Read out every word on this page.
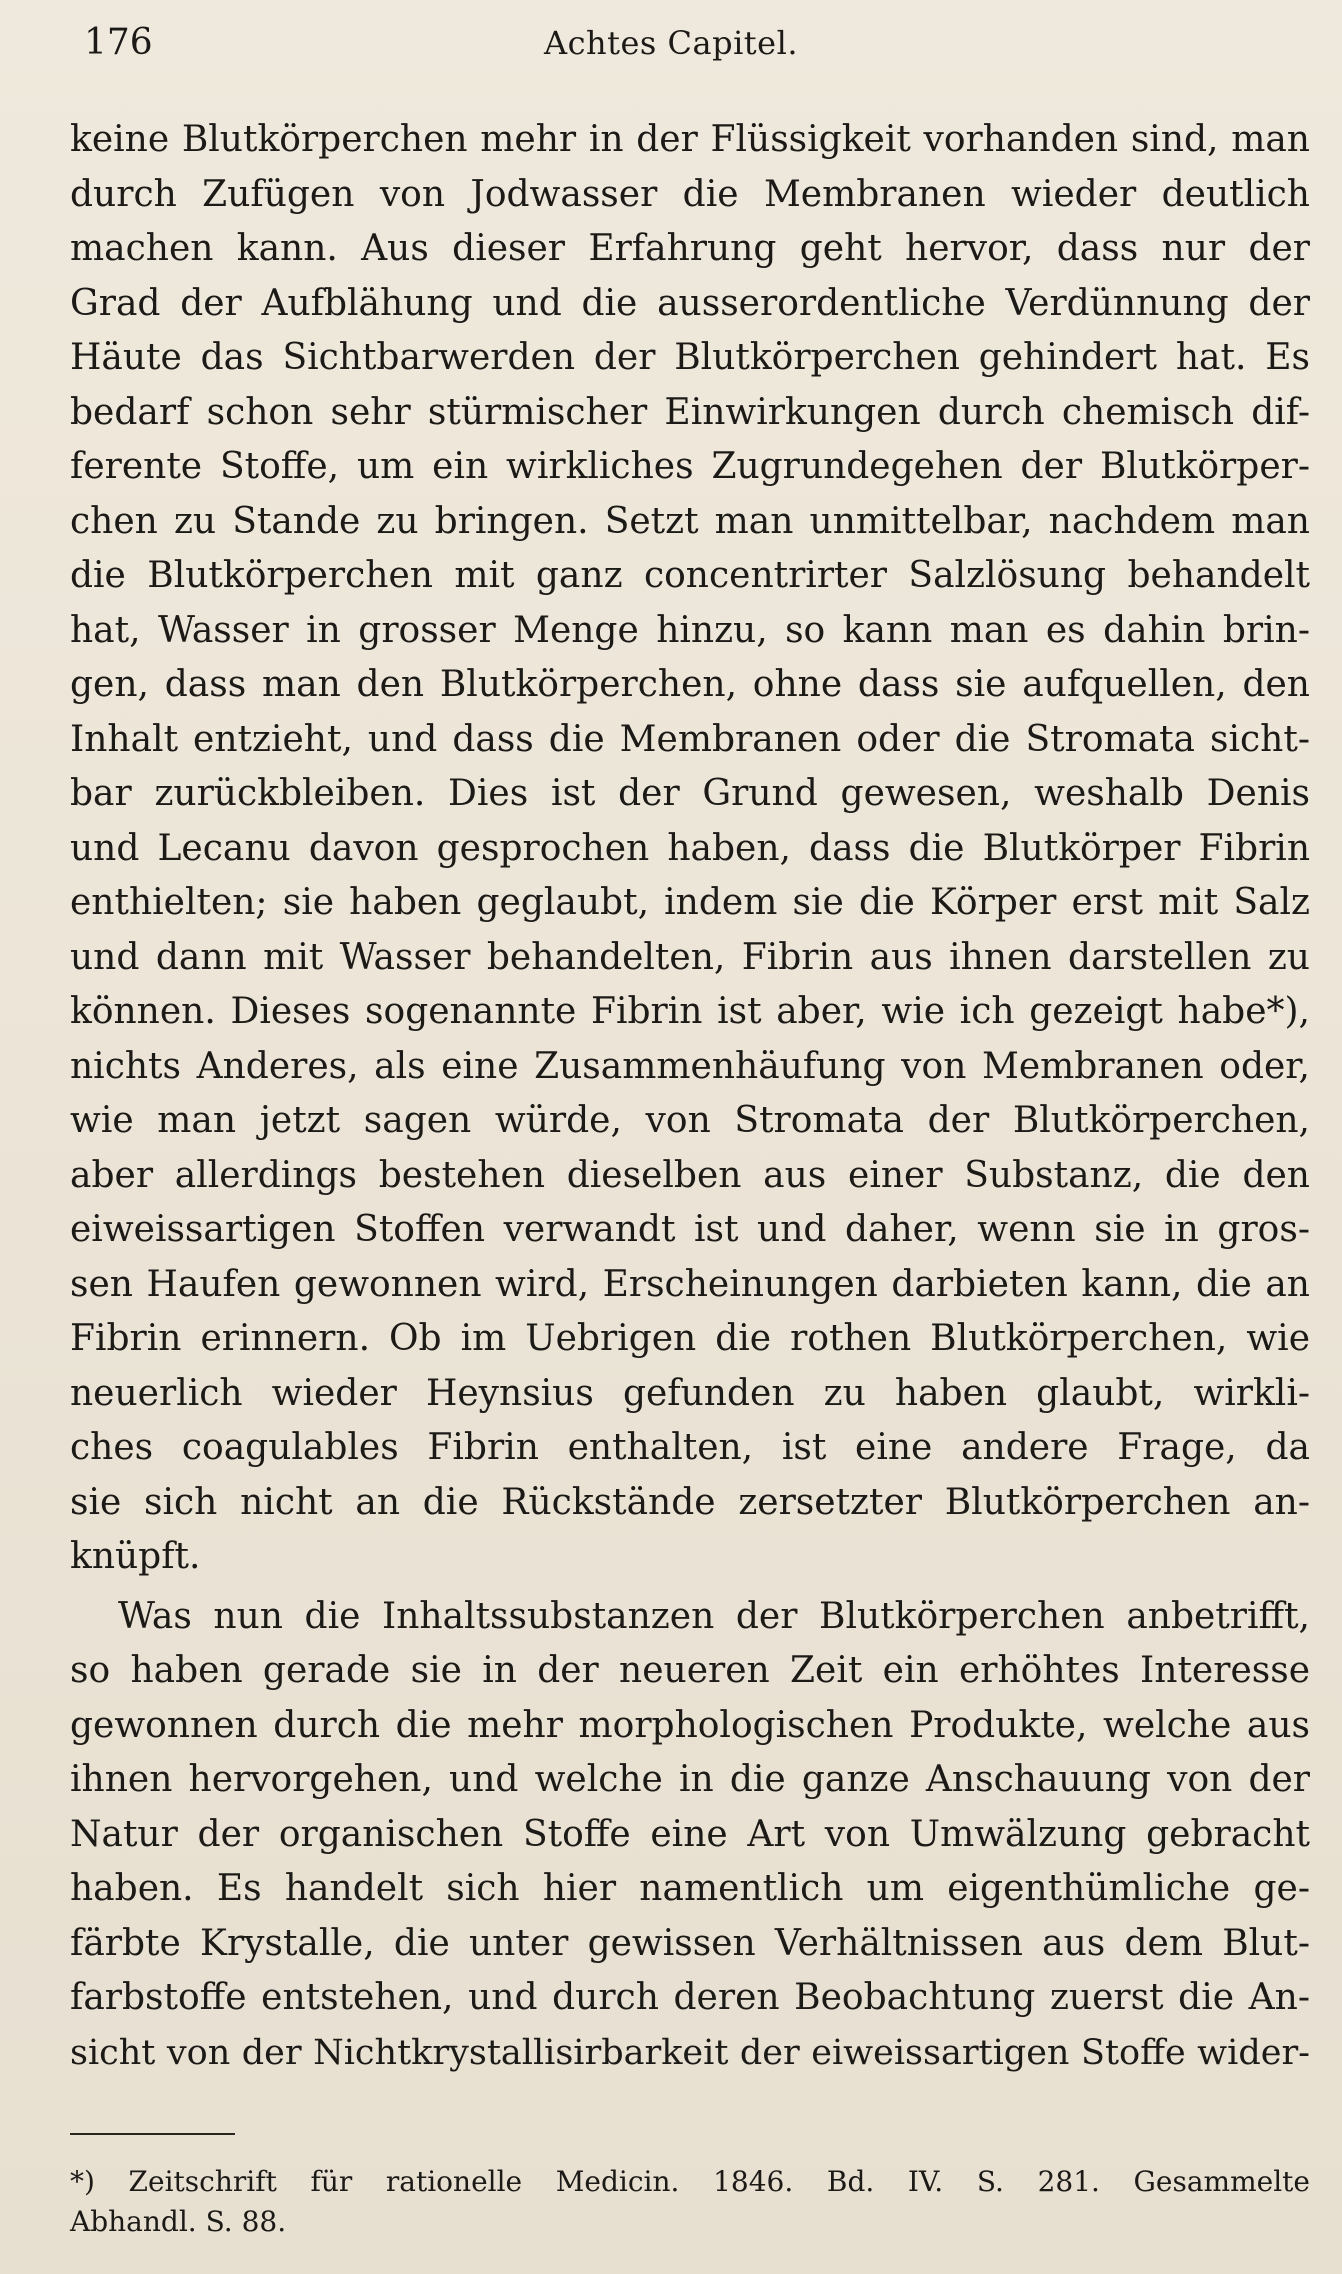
176	Achtes Capitel.

keine Blutkörperchen mehr in der Flüssigkeit vorhanden sind, man
durch Zufügen von Jodwasser die Membranen wieder deutlich
machen kann. Aus dieser Erfahrung geht hervor, dass nur der
Grad der Aufblähung und die ausserordentliche Verdünnung der
Häute das Sichtbarwerden der Blutkörperchen gehindert hat. Es
bedarf schon sehr stürmischer Einwirkungen durch chemisch dif-
ferente Stoffe, um ein wirkliches Zugrundegehen der Blutkörper-
chen zu Stande zu bringen. Setzt man unmittelbar, nachdem man
die Blutkörperchen mit ganz concentrirter Salzlösung behandelt
hat, Wasser in grosser Menge hinzu, so kann man es dahin brin-
gen, dass man den Blutkörperchen, ohne dass sie aufquellen, den
Inhalt entzieht, und dass die Membranen oder die Stromata sicht-
bar zurückbleiben. Dies ist der Grund gewesen, weshalb Denis
und Lecanu davon gesprochen haben, dass die Blutkörper Fibrin
enthielten; sie haben geglaubt, indem sie die Körper erst mit Salz
und dann mit Wasser behandelten, Fibrin aus ihnen darstellen zu
können. Dieses sogenannte Fibrin ist aber, wie ich gezeigt habe*),
nichts Anderes, als eine Zusammenhäufung von Membranen oder,
wie man jetzt sagen würde, von Stromata der Blutkörperchen,
aber allerdings bestehen dieselben aus einer Substanz, die den
eiweissartigen Stoffen verwandt ist und daher, wenn sie in gros-
sen Haufen gewonnen wird, Erscheinungen darbieten kann, die an
Fibrin erinnern. Ob im Uebrigen die rothen Blutkörperchen, wie
neuerlich wieder Heynsius gefunden zu haben glaubt, wirkli-
ches coagulables Fibrin enthalten, ist eine andere Frage, da
sie sich nicht an die Rückstände zersetzter Blutkörperchen an-
knüpft.

Was nun die Inhaltssubstanzen der Blutkörperchen anbetrifft,
so haben gerade sie in der neueren Zeit ein erhöhtes Interesse
gewonnen durch die mehr morphologischen Produkte, welche aus
ihnen hervorgehen, und welche in die ganze Anschauung von der
Natur der organischen Stoffe eine Art von Umwälzung gebracht
haben. Es handelt sich hier namentlich um eigenthümliche ge-
färbte Krystalle, die unter gewissen Verhältnissen aus dem Blut-
farbstoffe entstehen, und durch deren Beobachtung zuerst die An-
sicht von der Nichtkrystallisirbarkeit der eiweissartigen Stoffe wider-

*) Zeitschrift für rationelle Medicin. 1846. Bd. IV. S. 281. Gesammelte
Abhandl. S. 88.
